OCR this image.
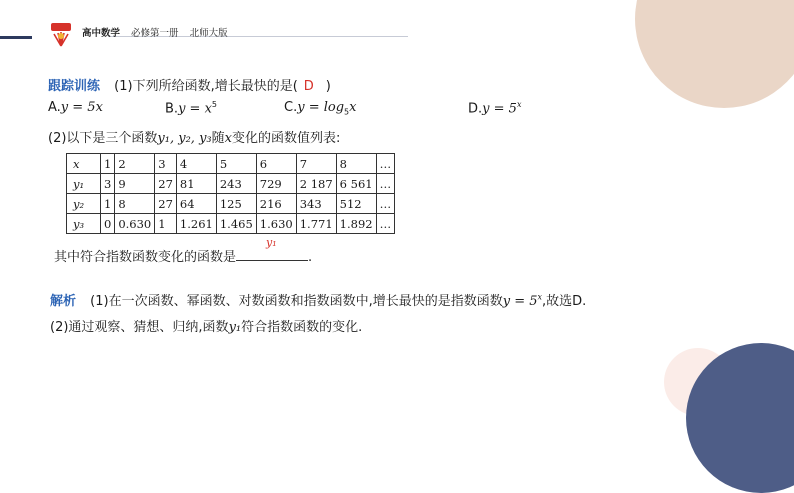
高中数学 必修第一册 北师大版
跟踪训练 (1)下列所给函数,增长最快的是( D )
A.y = 5x	$B.y = x^5$	$C.y = \log_5x$	$D.y = 5^x$
(2)以下是三个函数y₁, y₂, y₃随x变化的函数值列表:
x	1	2	3	4	5	6	7	8	…
y₁	3	9	27	81	243	729	2 187	6 561	…
y₂	1	8	27	64	125	216	343	512	…
y₃	0	0.630	1	1.261	1.465	1.630	1.771	1.892	…
其中符合指数函数变化的函数是
y₁
.
解析 (1)在一次函数、幂函数、对数函数和指数函数中,增长最快的是指数函数$y = 5^x$,故选D.
(2)通过观察、猜想、归纳,函数y₁符合指数函数的变化.
